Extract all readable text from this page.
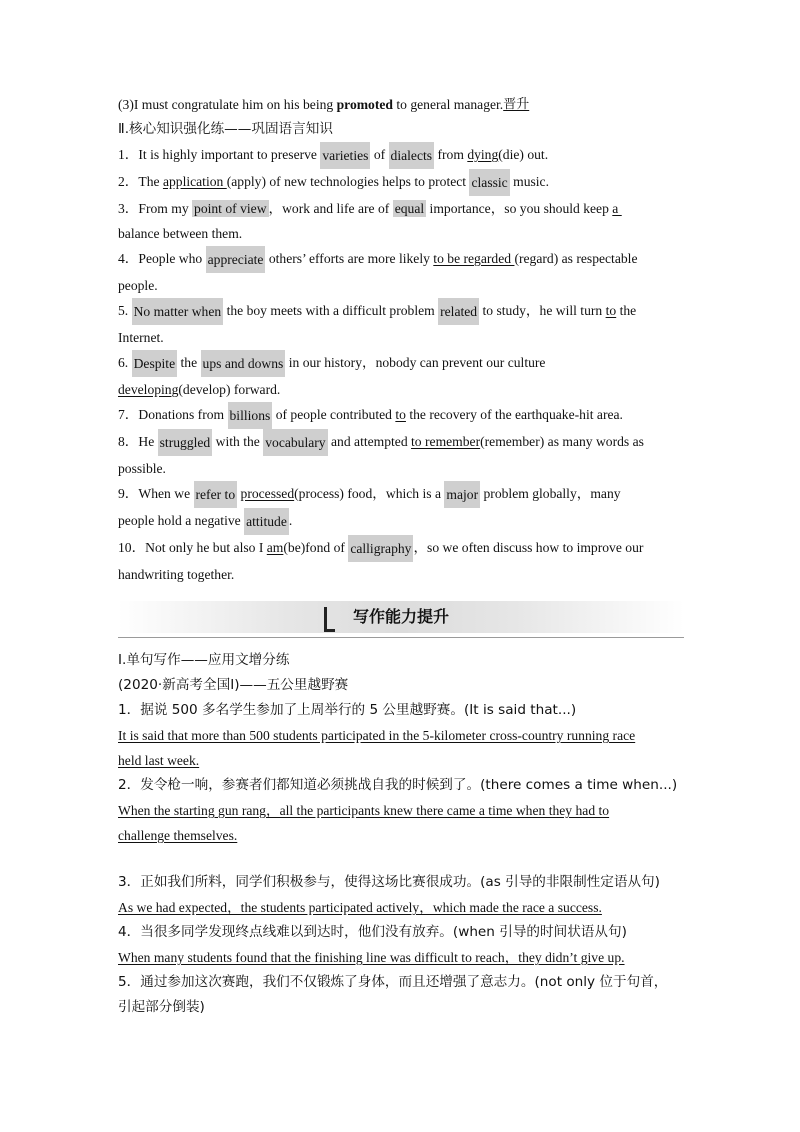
(3)I must congratulate him on his being promoted to general manager. 晋升
Ⅱ.核心知识强化练——巩固语言知识
1．It is highly important to preserve varieties of dialects from dying (die) out.
2．The application (apply) of new technologies helps to protect classic music.
3．From my point of view ，work and life are of equal importance，so you should keep a
balance between them.
4．People who appreciate others’ efforts are more likely to be regarded (regard) as respectable
people.
5. No matter when the boy meets with a difficult problem related to study，he will turn to the
Internet.
6. Despite the ups and downs in our history，nobody can prevent our culture
developing (develop) forward.
7．Donations from billions of people contributed to the recovery of the earthquake-hit area.
8．He struggled with the vocabulary and attempted to remember (remember) as many words as
possible.
9．When we refer to
processed (process) food，which is a major problem globally，many
people hold a negative attitude .
10．Not only he but also I am (be)fond of calligraphy ，so we often discuss how to improve our
handwriting together.
写作能力提升
Ⅰ.单句写作——应用文增分练
(2020·新高考全国Ⅰ)——五公里越野赛
1．据说 500 多名学生参加了上周举行的 5 公里越野赛。(It is said that...)
It is said that more than 500 students participated in the 5-kilometer cross-country running race
held last week.
2．发令枪一响，参赛者们都知道必须挑战自我的时候到了。(there comes a time when...)
When the starting gun rang，all the participants knew there came a time when they had to
challenge themselves.
3．正如我们所料，同学们积极参与，使得这场比赛很成功。(as 引导的非限制性定语从句)
As we had expected，the students participated actively，which made the race a success.
4．当很多同学发现终点线难以到达时，他们没有放弃。(when 引导的时间状语从句)
When many students found that the finishing line was difficult to reach，they didn’t give up.
5．通过参加这次赛跑，我们不仅锻炼了身体，而且还增强了意志力。(not only 位于句首，
引起部分倒装)
